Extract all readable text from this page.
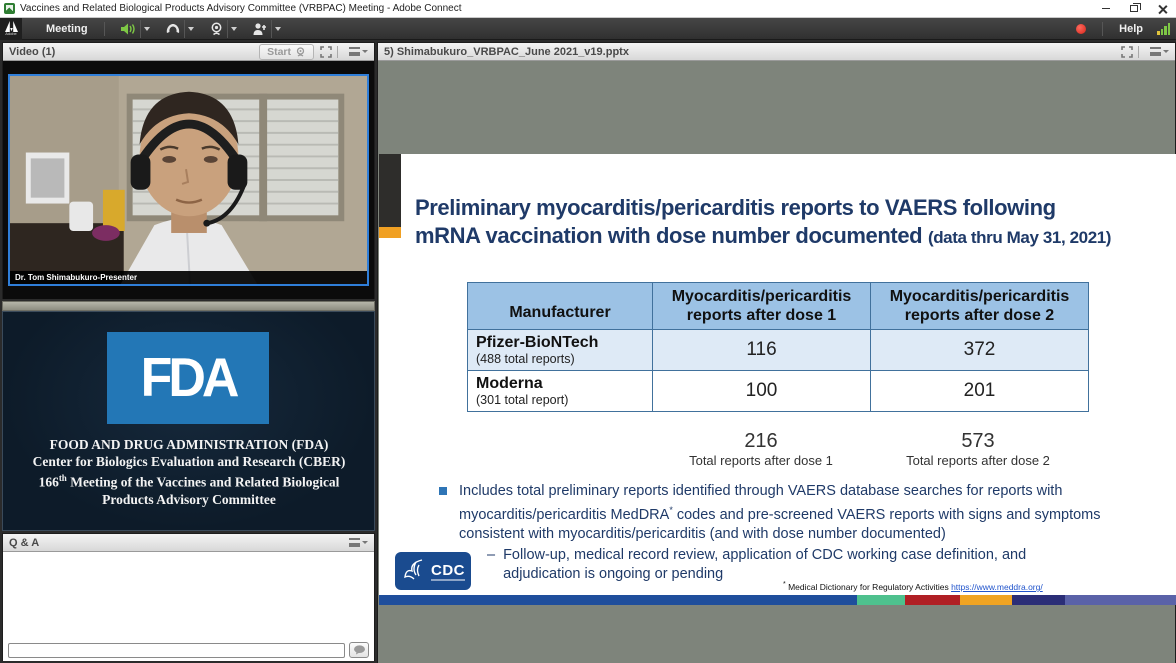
Vaccines and Related Biological Products Advisory Committee (VRBPAC) Meeting - Adobe Connect
Adobe	Meeting	Help
Video
(1)	Start
Dr. Tom Shimabukuro-Presenter
FDA
FOOD AND DRUG ADMINISTRATION (FDA)
Center for Biologics Evaluation and Research (CBER)
166th Meeting of the Vaccines and Related Biological
Products Advisory Committee
Q & A
5) Shimabukuro_VRBPAC_June 2021_v19.pptx
Preliminary myocarditis/pericarditis reports to VAERS following
mRNA vaccination with dose number documented (data thru May 31, 2021)
Manufacturer	Myocarditis/pericarditis reports after dose 1	Myocarditis/pericarditis reports after dose 2

Pfizer-BioNTech
(488 total reports)	116	372

Moderna
(301 total report)	100	201
216
Total reports after dose 1
573
Total reports after dose 2
Includes total preliminary reports identified through VAERS database searches for reports with myocarditis/pericarditis MedDRA* codes and pre-screened VAERS reports with signs and symptoms consistent with myocarditis/pericarditis (and with dose number documented)
– Follow-up, medical record review, application of CDC working case definition, and adjudication is ongoing or pending
CDC
* Medical Dictionary for Regulatory Activities https://www.meddra.org/
